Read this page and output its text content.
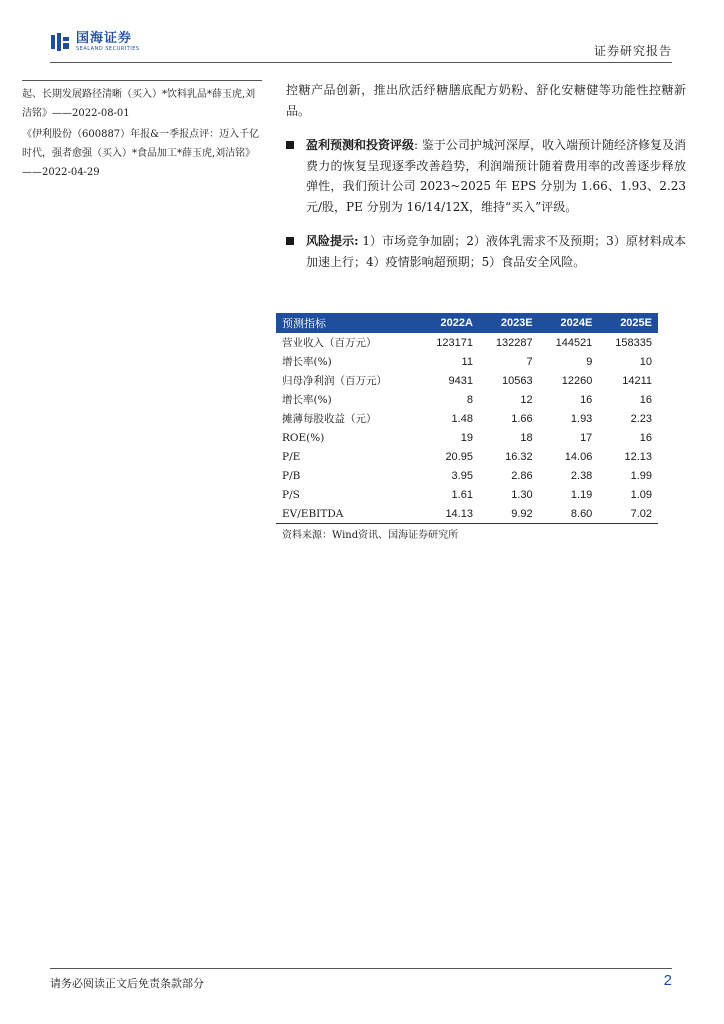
国海证券
SEALAND SECURITIES	证券研究报告
起、长期发展路径清晰（买入）*饮料乳品*薛玉虎,刘洁铭》——2022-08-01
《伊利股份（600887）年报&一季报点评：迈入千亿时代，强者愈强（买入）*食品加工*薛玉虎,刘洁铭》——2022-04-29
控糖产品创新，推出欣活纾糖膳底配方奶粉、舒化安糖健等功能性控糖新品。
盈利预测和投资评级: 鉴于公司护城河深厚，收入端预计随经济修复及消费力的恢复呈现逐季改善趋势，利润端预计随着费用率的改善逐步释放弹性，我们预计公司 2023~2025 年 EPS 分别为 1.66、1.93、2.23 元/股，PE 分别为 16/14/12X，维持“买入”评级。
风险提示: 1）市场竞争加剧；2）液体乳需求不及预期；3）原材料成本加速上行；4）疫情影响超预期；5）食品安全风险。
预测指标	2022A	2023E	2024E	2025E
营业收入（百万元）	123171	132287	144521	158335
增长率(%)	11	7	9	10
归母净利润（百万元）	9431	10563	12260	14211
增长率(%)	8	12	16	16
摊薄每股收益（元）	1.48	1.66	1.93	2.23
ROE(%)	19	18	17	16
P/E	20.95	16.32	14.06	12.13
P/B	3.95	2.86	2.38	1.99
P/S	1.61	1.30	1.19	1.09
EV/EBITDA	14.13	9.92	8.60	7.02
资料来源：Wind资讯、国海证券研究所
请务必阅读正文后免责条款部分	2
